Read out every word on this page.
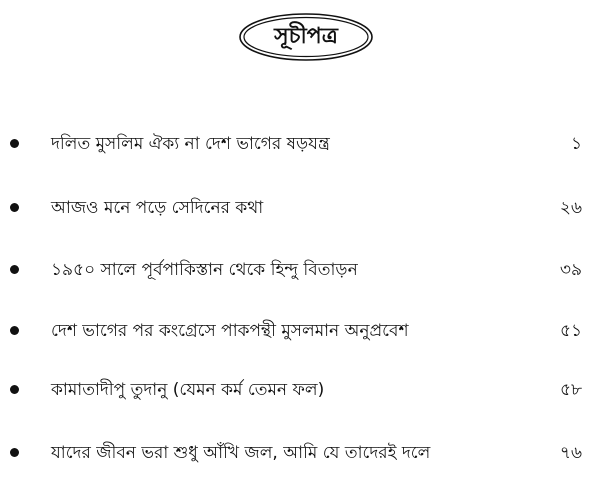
সূচীপত্র
দলিত মুসলিম ঐক্য না দেশ ভাগের ষড়যন্ত্র	১
আজও মনে পড়ে সেদিনের কথা	২৬
১৯৫০ সালে পূর্বপাকিস্তান থেকে হিন্দু বিতাড়ন	৩৯
দেশ ভাগের পর কংগ্রেসে পাকপন্থী মুসলমান অনুপ্রবেশ	৫১
কামাতাদীপু তুদানু (যেমন কর্ম তেমন ফল)	৫৮
যাদের জীবন ভরা শুধু আঁখি জল, আমি যে তাদেরই দলে	৭৬
